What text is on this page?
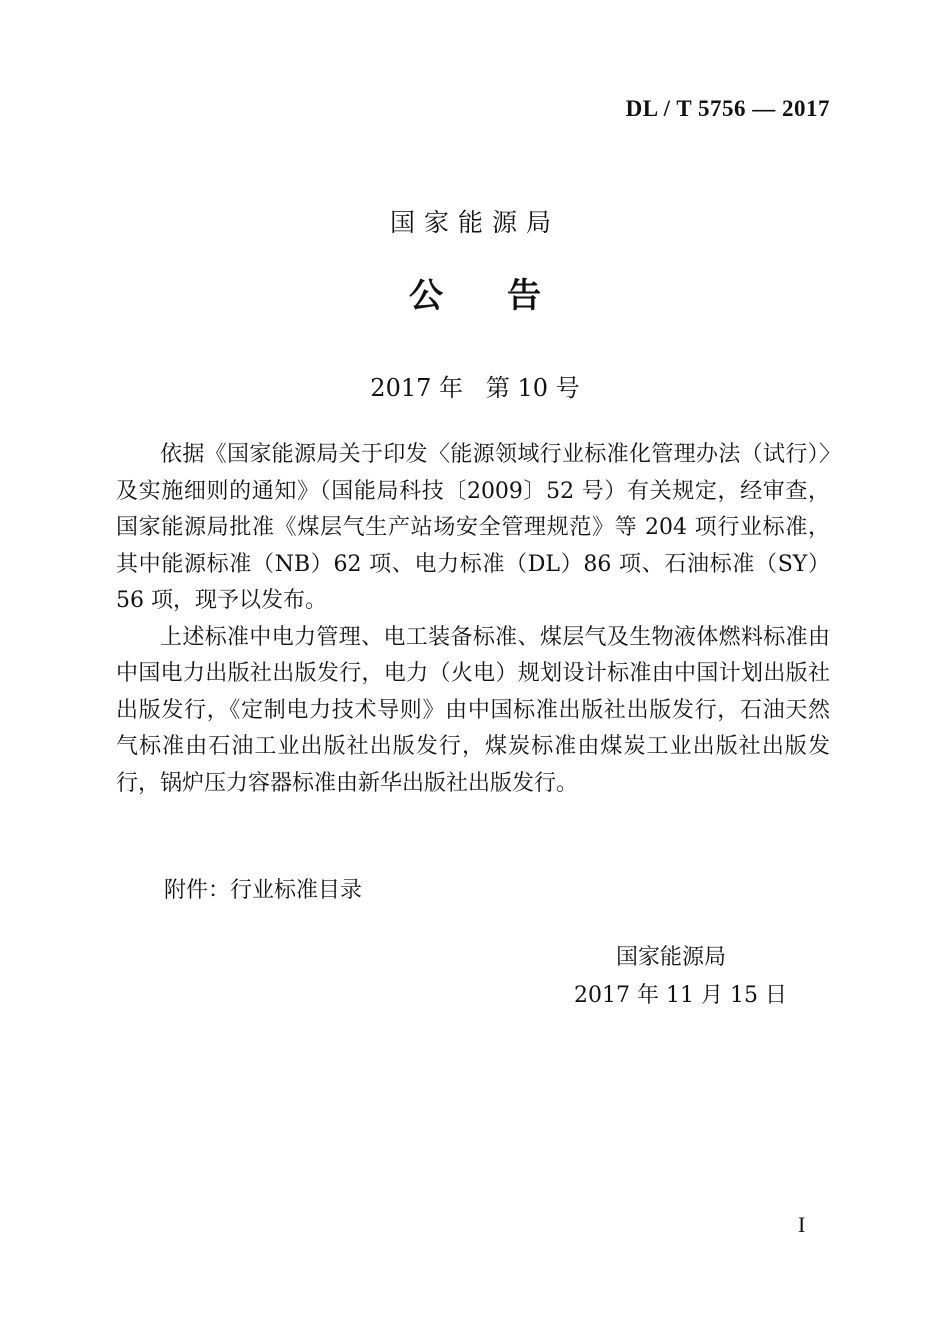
DL / T 5756 — 2017
国家能源局
公告
2017 年   第 10 号

依据《国家能源局关于印发〈能源领域行业标准化管理办法（试行）〉及实施细则的通知》（国能局科技〔2009〕52 号）有关规定，经审查，国家能源局批准《煤层气生产站场安全管理规范》等 204 项行业标准，其中能源标准（NB）62 项、电力标准（DL）86 项、石油标准（SY）56 项，现予以发布。

上述标准中电力管理、电工装备标准、煤层气及生物液体燃料标准由中国电力出版社出版发行，电力（火电）规划设计标准由中国计划出版社出版发行，《定制电力技术导则》由中国标准出版社出版发行，石油天然气标准由石油工业出版社出版发行，煤炭标准由煤炭工业出版社出版发行，锅炉压力容器标准由新华出版社出版发行。

附件：行业标准目录
国家能源局
2017 年 11 月 15 日
I
